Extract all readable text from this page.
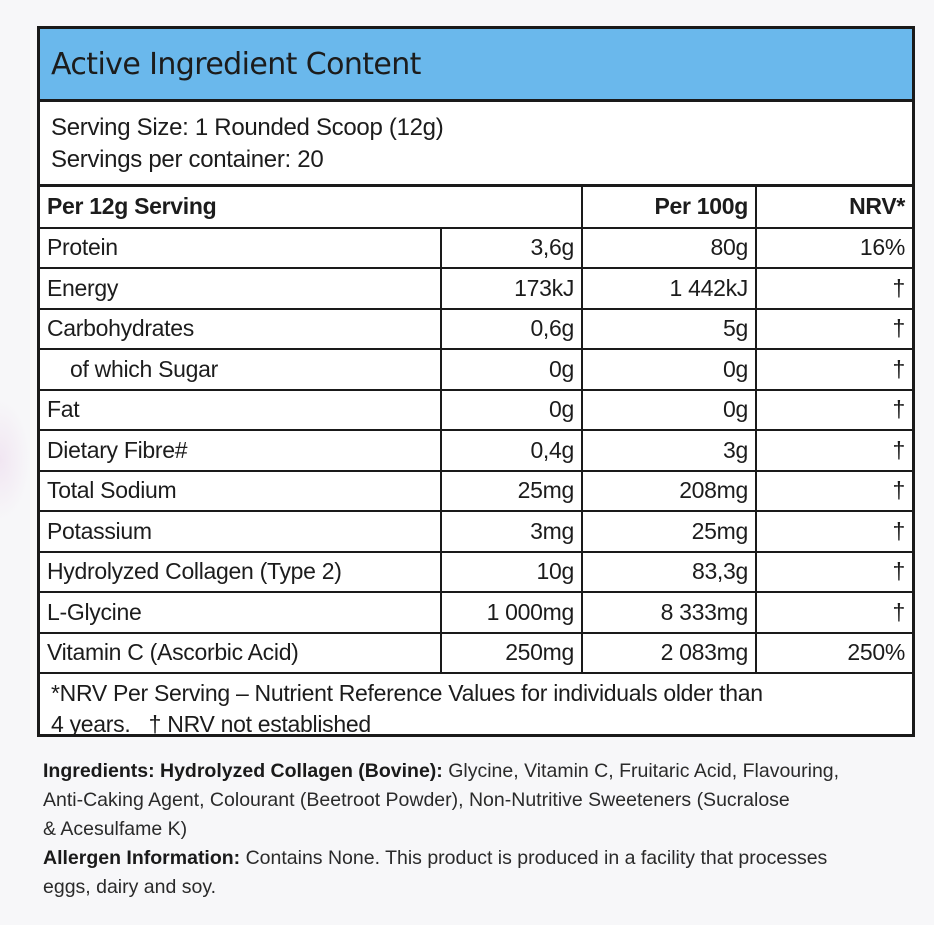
Active Ingredient Content
Serving Size: 1 Rounded Scoop (12g)
Servings per container: 20
Per 12g Serving		Per 100g	NRV*
Protein	3,6g	80g	16%
Energy	173kJ	1 442kJ	†
Carbohydrates	0,6g	5g	†
of which Sugar	0g	0g	†
Fat	0g	0g	†
Dietary Fibre#	0,4g	3g	†
Total Sodium	25mg	208mg	†
Potassium	3mg	25mg	†
Hydrolyzed Collagen (Type 2)	10g	83,3g	†
L-Glycine	1 000mg	8 333mg	†
Vitamin C (Ascorbic Acid)	250mg	2 083mg	250%
*NRV Per Serving – Nutrient Reference Values for individuals older than
4 years.   † NRV not established
Ingredients: Hydrolyzed Collagen (Bovine): Glycine, Vitamin C, Fruitaric Acid, Flavouring,
Anti-Caking Agent, Colourant (Beetroot Powder), Non-Nutritive Sweeteners (Sucralose
& Acesulfame K)
Allergen Information: Contains None. This product is produced in a facility that processes
eggs, dairy and soy.
